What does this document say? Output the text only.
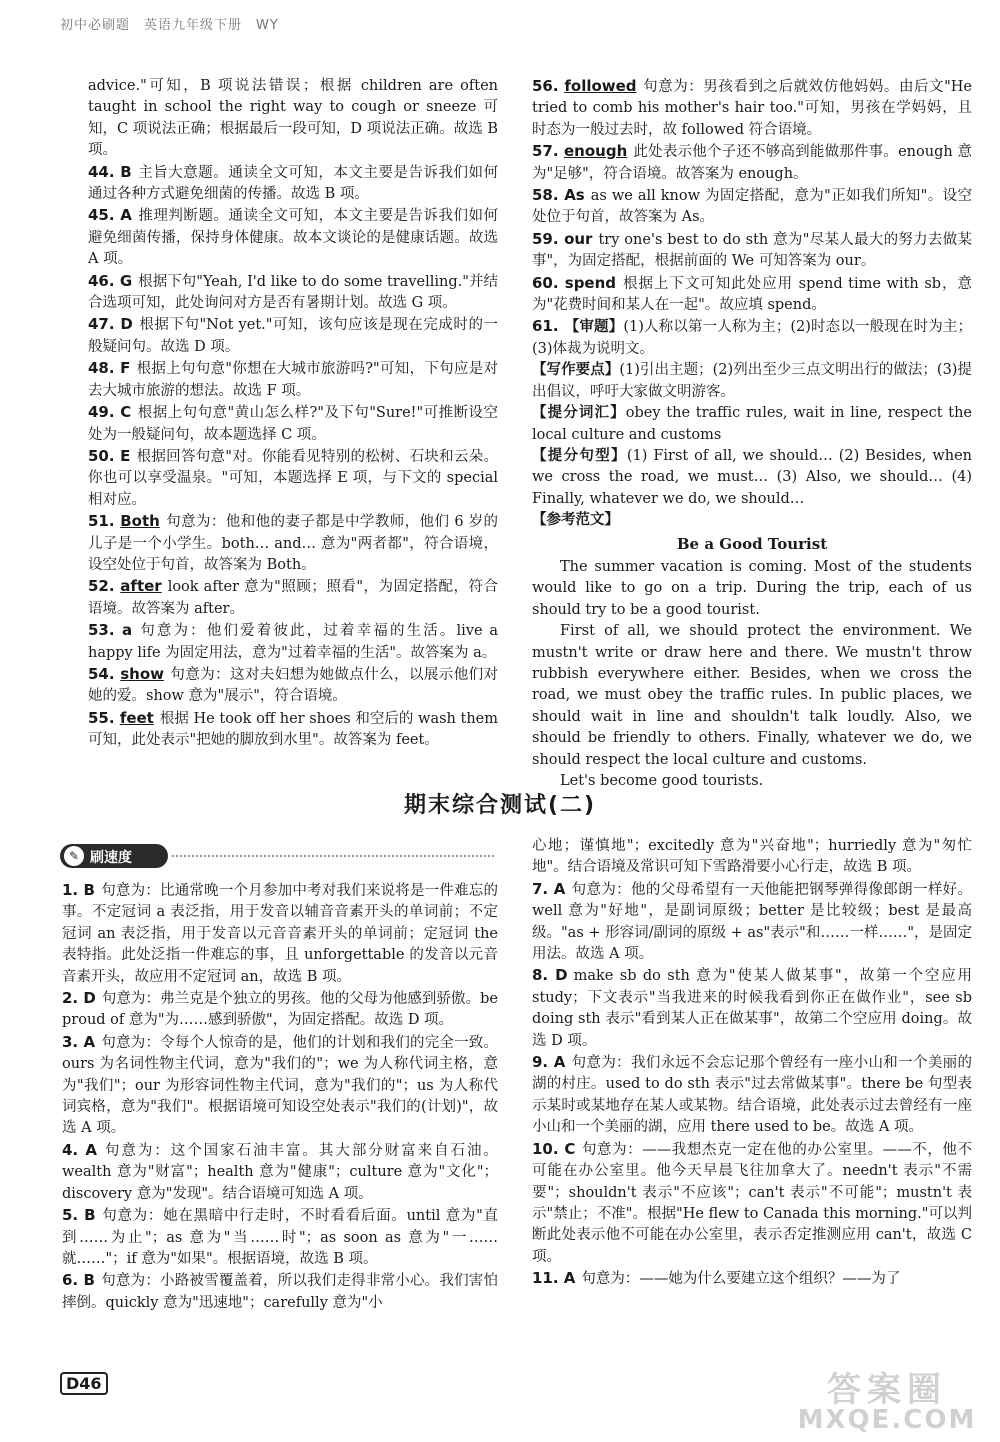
初中必刷题　英语九年级下册　WY

advice."可知，B 项说法错误；根据 children are often taught in school the right way to cough or sneeze 可知，C 项说法正确；根据最后一段可知，D 项说法正确。故选 B 项。

44. B 主旨大意题。通读全文可知，本文主要是告诉我们如何通过各种方式避免细菌的传播。故选 B 项。

45. A 推理判断题。通读全文可知，本文主要是告诉我们如何避免细菌传播，保持身体健康。故本文谈论的是健康话题。故选 A 项。

46. G 根据下句"Yeah, I'd like to do some travelling."并结合选项可知，此处询问对方是否有暑期计划。故选 G 项。

47. D 根据下句"Not yet."可知，该句应该是现在完成时的一般疑问句。故选 D 项。

48. F 根据上句句意"你想在大城市旅游吗?"可知，下句应是对去大城市旅游的想法。故选 F 项。

49. C 根据上句句意"黄山怎么样?"及下句"Sure!"可推断设空处为一般疑问句，故本题选择 C 项。

50. E 根据回答句意"对。你能看见特别的松树、石块和云朵。你也可以享受温泉。"可知，本题选择 E 项，与下文的 special 相对应。

51. Both 句意为：他和他的妻子都是中学教师，他们 6 岁的儿子是一个小学生。both… and… 意为"两者都"，符合语境，设空处位于句首，故答案为 Both。

52. after look after 意为"照顾；照看"，为固定搭配，符合语境。故答案为 after。

53. a 句意为：他们爱着彼此，过着幸福的生活。live a happy life 为固定用法，意为"过着幸福的生活"。故答案为 a。

54. show 句意为：这对夫妇想为她做点什么，以展示他们对她的爱。show 意为"展示"，符合语境。

55. feet 根据 He took off her shoes 和空后的 wash them 可知，此处表示"把她的脚放到水里"。故答案为 feet。

56. followed 句意为：男孩看到之后就效仿他妈妈。由后文"He tried to comb his mother's hair too."可知，男孩在学妈妈，且时态为一般过去时，故 followed 符合语境。

57. enough 此处表示他个子还不够高到能做那件事。enough 意为"足够"，符合语境。故答案为 enough。

58. As as we all know 为固定搭配，意为"正如我们所知"。设空处位于句首，故答案为 As。

59. our try one's best to do sth 意为"尽某人最大的努力去做某事"，为固定搭配，根据前面的 We 可知答案为 our。

60. spend 根据上下文可知此处应用 spend time with sb，意为"花费时间和某人在一起"。故应填 spend。

61. 【审题】(1)人称以第一人称为主；(2)时态以一般现在时为主；(3)体裁为说明文。

【写作要点】(1)引出主题；(2)列出至少三点文明出行的做法；(3)提出倡议，呼吁大家做文明游客。

【提分词汇】obey the traffic rules, wait in line, respect the local culture and customs

【提分句型】(1) First of all, we should… (2) Besides, when we cross the road, we must… (3) Also, we should… (4) Finally, whatever we do, we should…

【参考范文】

Be a Good Tourist

The summer vacation is coming. Most of the students would like to go on a trip. During the trip, each of us should try to be a good tourist.

First of all, we should protect the environment. We mustn't write or draw here and there. We mustn't throw rubbish everywhere either. Besides, when we cross the road, we must obey the traffic rules. In public places, we should wait in line and shouldn't talk loudly. Also, we should be friendly to others. Finally, whatever we do, we should respect the local culture and customs.

Let's become good tourists.

期末综合测试(二)
✎ 刷速度

1. B 句意为：比通常晚一个月参加中考对我们来说将是一件难忘的事。不定冠词 a 表泛指，用于发音以辅音音素开头的单词前；不定冠词 an 表泛指，用于发音以元音音素开头的单词前；定冠词 the 表特指。此处泛指一件难忘的事，且 unforgettable 的发音以元音音素开头，故应用不定冠词 an，故选 B 项。

2. D 句意为：弗兰克是个独立的男孩。他的父母为他感到骄傲。be proud of 意为"为……感到骄傲"，为固定搭配。故选 D 项。

3. A 句意为：令每个人惊奇的是，他们的计划和我们的完全一致。ours 为名词性物主代词，意为"我们的"；we 为人称代词主格，意为"我们"；our 为形容词性物主代词，意为"我们的"；us 为人称代词宾格，意为"我们"。根据语境可知设空处表示"我们的(计划)"，故选 A 项。

4. A 句意为：这个国家石油丰富。其大部分财富来自石油。wealth 意为"财富"；health 意为"健康"；culture 意为"文化"；discovery 意为"发现"。结合语境可知选 A 项。

5. B 句意为：她在黑暗中行走时，不时看看后面。until 意为"直到……为止"；as 意为"当……时"；as soon as 意为"一……就……"；if 意为"如果"。根据语境，故选 B 项。

6. B 句意为：小路被雪覆盖着，所以我们走得非常小心。我们害怕摔倒。quickly 意为"迅速地"；carefully 意为"小

心地；谨慎地"；excitedly 意为"兴奋地"；hurriedly 意为"匆忙地"。结合语境及常识可知下雪路滑要小心行走，故选 B 项。

7. A 句意为：他的父母希望有一天他能把钢琴弹得像郎朗一样好。well 意为"好地"，是副词原级；better 是比较级；best 是最高级。"as + 形容词/副词的原级 + as"表示"和……一样……"，是固定用法。故选 A 项。

8. D make sb do sth 意为"使某人做某事"，故第一个空应用 study；下文表示"当我进来的时候我看到你正在做作业"，see sb doing sth 表示"看到某人正在做某事"，故第二个空应用 doing。故选 D 项。

9. A 句意为：我们永远不会忘记那个曾经有一座小山和一个美丽的湖的村庄。used to do sth 表示"过去常做某事"。there be 句型表示某时或某地存在某人或某物。结合语境，此处表示过去曾经有一座小山和一个美丽的湖，应用 there used to be。故选 A 项。

10. C 句意为：——我想杰克一定在他的办公室里。——不，他不可能在办公室里。他今天早晨飞往加拿大了。needn't 表示"不需要"；shouldn't 表示"不应该"；can't 表示"不可能"；mustn't 表示"禁止；不准"。根据"He flew to Canada this morning."可以判断此处表示他不可能在办公室里，表示否定推测应用 can't，故选 C 项。

11. A 句意为：——她为什么要建立这个组织？——为了

D46	答案圈
MXQE.COM
